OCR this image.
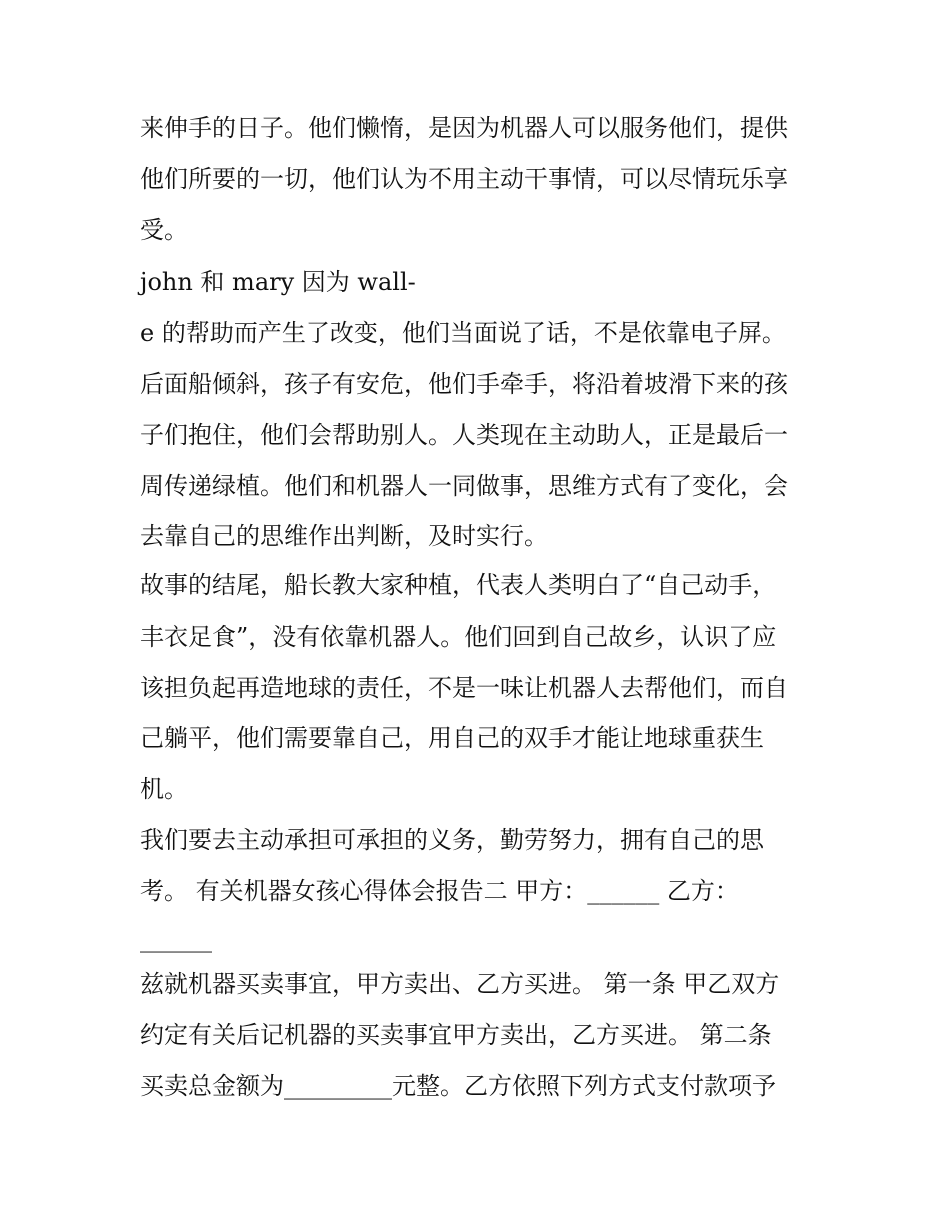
来伸手的日子。他们懒惰，是因为机器人可以服务他们，提供
他们所要的一切，他们认为不用主动干事情，可以尽情玩乐享
受。
john 和 mary 因为 wall-
e 的帮助而产生了改变，他们当面说了话，不是依靠电子屏。
后面船倾斜，孩子有安危，他们手牵手，将沿着坡滑下来的孩
子们抱住，他们会帮助别人。人类现在主动助人，正是最后一
周传递绿植。他们和机器人一同做事，思维方式有了变化，会
去靠自己的思维作出判断，及时实行。
故事的结尾，船长教大家种植，代表人类明白了“自己动手，
丰衣足食”，没有依靠机器人。他们回到自己故乡，认识了应
该担负起再造地球的责任，不是一味让机器人去帮他们，而自
己躺平，他们需要靠自己，用自己的双手才能让地球重获生
机。
我们要去主动承担可承担的义务，勤劳努力，拥有自己的思
考。 有关机器女孩心得体会报告二 甲方：______ 乙方：
______
兹就机器买卖事宜，甲方卖出、乙方买进。 第一条 甲乙双方
约定有关后记机器的买卖事宜甲方卖出，乙方买进。 第二条
买卖总金额为_________元整。乙方依照下列方式支付款项予
